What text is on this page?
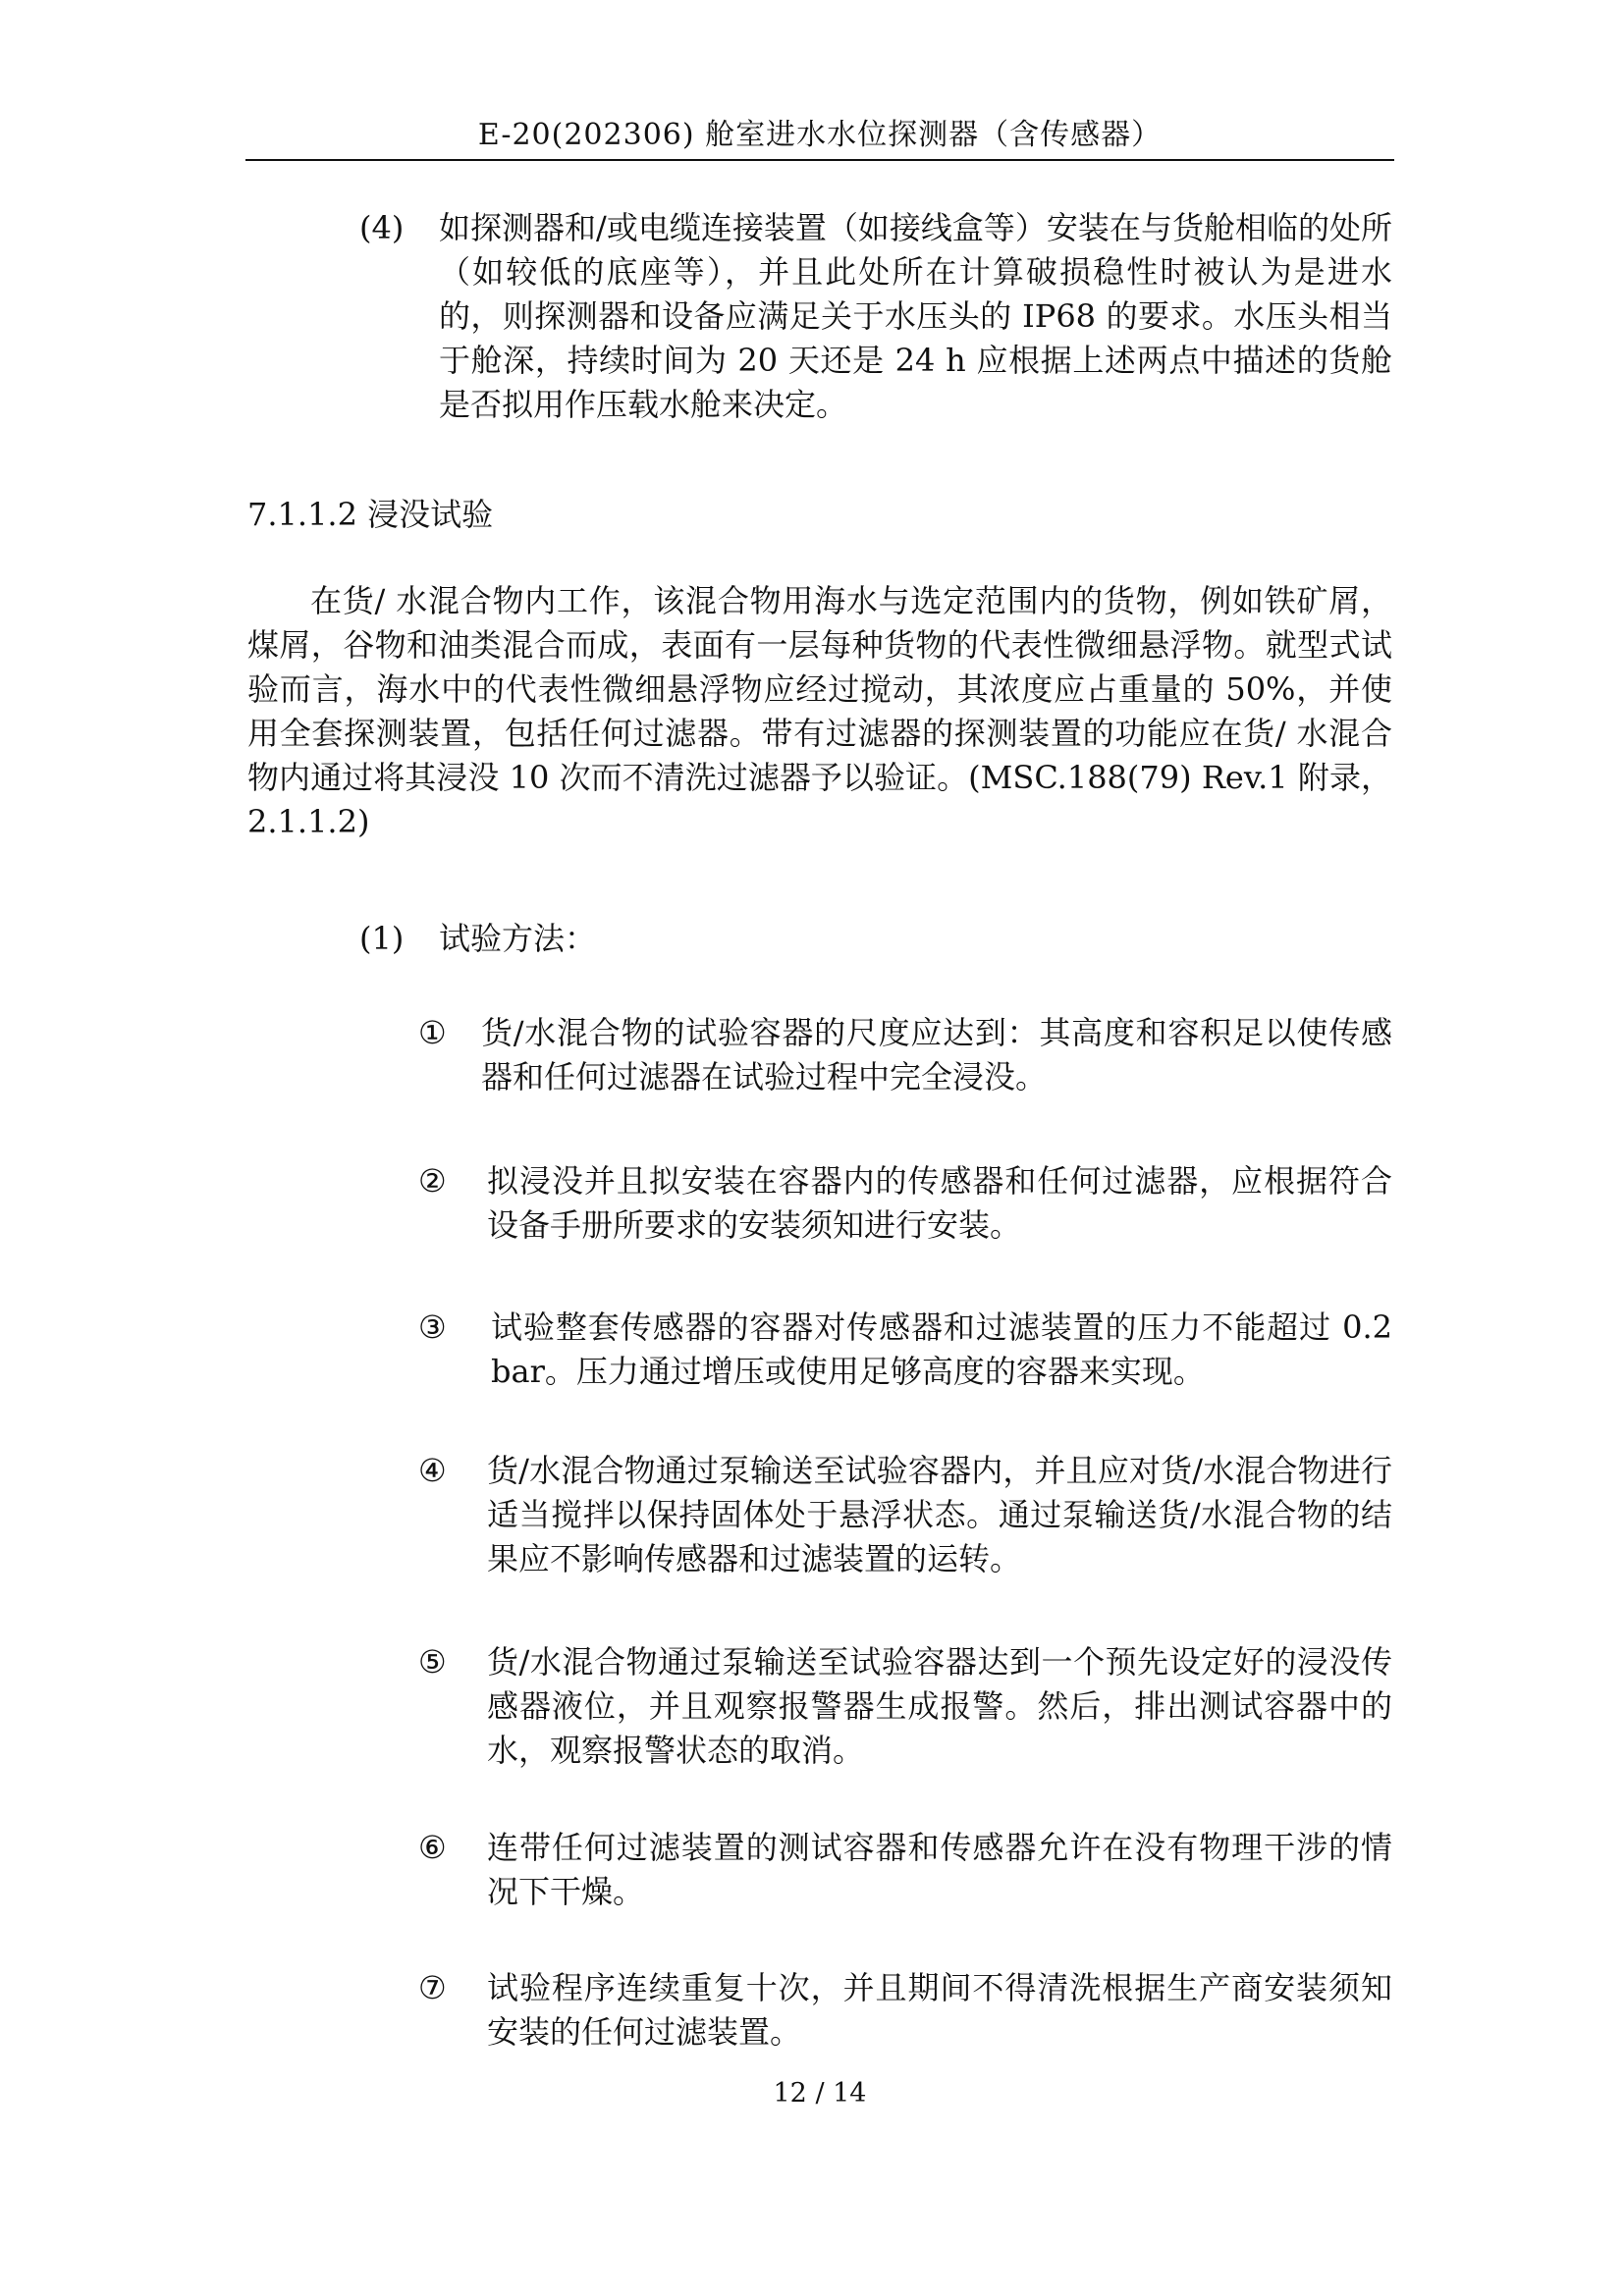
E-20(202306) 舱室进水水位探测器（含传感器）
(4) 如探测器和/或电缆连接装置（如接线盒等）安装在与货舱相临的处所（如较低的底座等），并且此处所在计算破损稳性时被认为是进水的，则探测器和设备应满足关于水压头的 IP68 的要求。水压头相当于舱深，持续时间为 20 天还是 24 h 应根据上述两点中描述的货舱是否拟用作压载水舱来决定。
7.1.1.2 浸没试验
在货/ 水混合物内工作，该混合物用海水与选定范围内的货物，例如铁矿屑，煤屑，谷物和油类混合而成，表面有一层每种货物的代表性微细悬浮物。就型式试验而言，海水中的代表性微细悬浮物应经过搅动，其浓度应占重量的 50%，并使用全套探测装置，包括任何过滤器。带有过滤器的探测装置的功能应在货/ 水混合物内通过将其浸没 10 次而不清洗过滤器予以验证。(MSC.188(79) Rev.1 附录，2.1.1.2)
(1) 试验方法：
① 货/水混合物的试验容器的尺度应达到：其高度和容积足以使传感器和任何过滤器在试验过程中完全浸没。
② 拟浸没并且拟安装在容器内的传感器和任何过滤器，应根据符合设备手册所要求的安装须知进行安装。
③ 试验整套传感器的容器对传感器和过滤装置的压力不能超过 0.2 bar。压力通过增压或使用足够高度的容器来实现。
④ 货/水混合物通过泵输送至试验容器内，并且应对货/水混合物进行适当搅拌以保持固体处于悬浮状态。通过泵输送货/水混合物的结果应不影响传感器和过滤装置的运转。
⑤ 货/水混合物通过泵输送至试验容器达到一个预先设定好的浸没传感器液位，并且观察报警器生成报警。然后，排出测试容器中的水，观察报警状态的取消。
⑥ 连带任何过滤装置的测试容器和传感器允许在没有物理干涉的情况下干燥。
⑦ 试验程序连续重复十次，并且期间不得清洗根据生产商安装须知安装的任何过滤装置。
12 / 14
